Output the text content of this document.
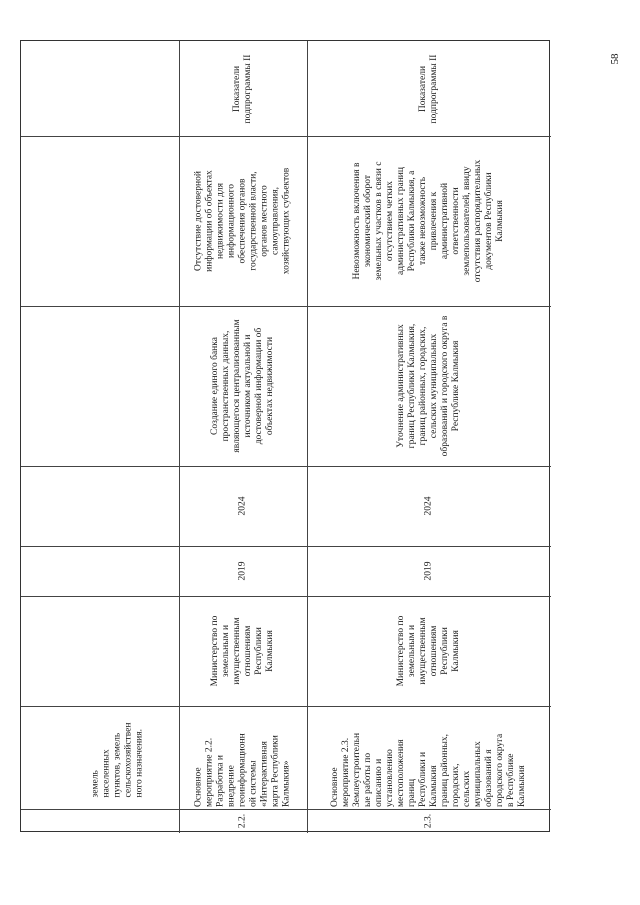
58
земель населенных пунктов, земель сельскохозяйствен ного назначения.
2.2.
Основное мероприятие 2.2. Разработка и внедрение геоинформационн ой системы «Интерактивная карта Республики Калмыкия»
Министерство по земельным и имущественным отношениям Республики Калмыкия
2019
2024
Создание единого банка пространственных данных, являющегося централизованным источником актуальной и достоверной информации об объектах недвижимости
Отсутствие достоверной информации об объектах недвижимости для информационного обеспечения органов государственной власти, органов местного самоуправления, хозяйствующих субъектов
Показатели подпрограммы II
2.3.
Основное мероприятие 2.3. Землеустроительн ые работы по описанию и установлению местоположения границ Республики и Калмыкия границ районных, городских, сельских муниципальных образований я городского округа в Республике Калмыкия
Министерство по земельным и имущественным отношениям Республики Калмыкия
2019
2024
Уточнение административных границ Республики Калмыкия, границ районных, городских, сельских муниципальных образований и городского округа в Республике Калмыкия
Невозможность включения в экономический оборот земельных участков в связи с отсутствием четких административных границ Республики Калмыкия, а также невозможность привлечения к административной ответственности землепользователей, ввиду отсутствия распорядительных документов Республики Калмыкия
Показатели подпрограммы II
